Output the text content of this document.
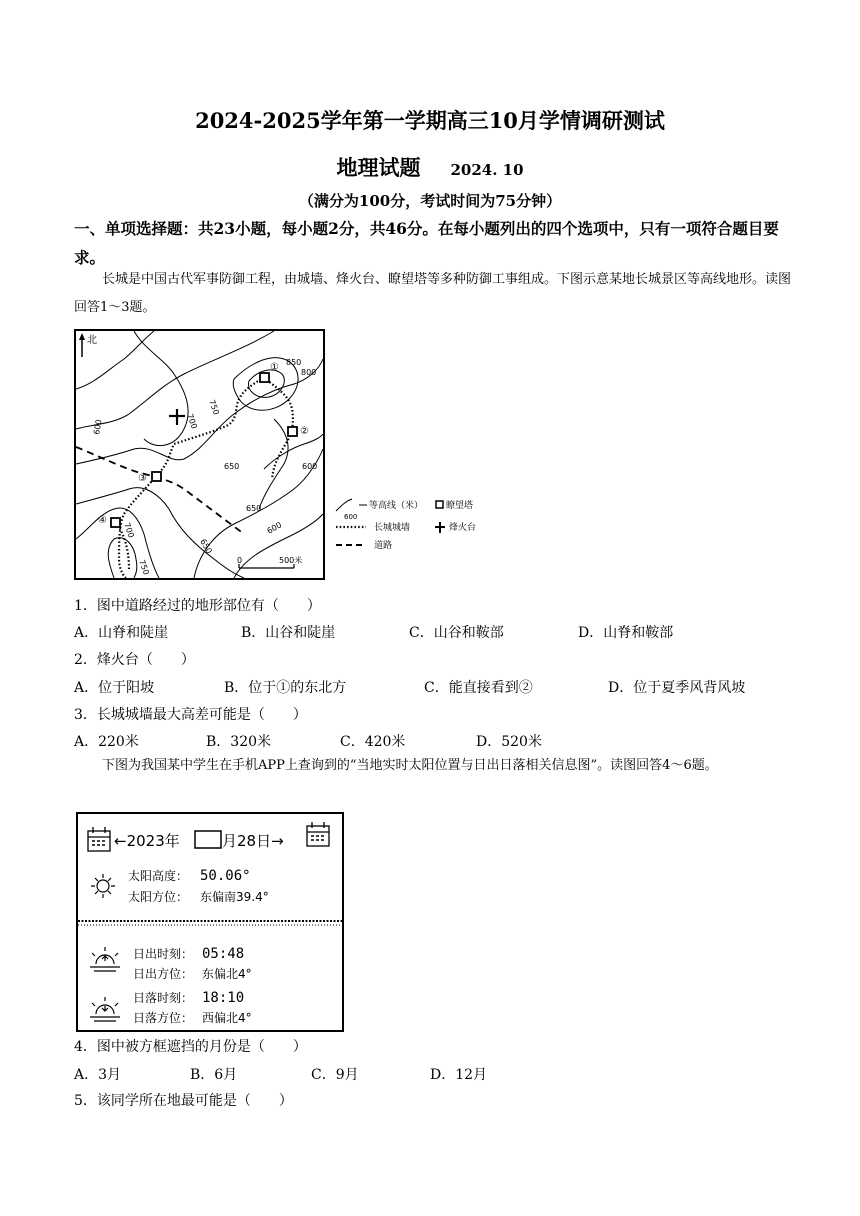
2024-2025学年第一学期高三10月学情调研测试
地理试题 2024. 10
（满分为100分，考试时间为75分钟）
一、单项选择题：共23小题，每小题2分，共46分。在每小题列出的四个选项中，只有一项符合题目要求。
长城是中国古代军事防御工程，由城墙、烽火台、瞭望塔等多种防御工事组成。下图示意某地长城景区等高线地形。读图回答1～3题。
北
850
800
750
700
600
650
700
650
600
750
650	600
①
②
③
④
0	500米
600
等高线（米）	瞭望塔
长城城墙	烽火台
道路
1．图中道路经过的地形部位有（　　）
A．山脊和陡崖	B．山谷和陡崖	C．山谷和鞍部	D．山脊和鞍部
2．烽火台（　　）
A．位于阳坡	B．位于①的东北方	C．能直接看到②	D．位于夏季风背风坡
3．长城城墙最大高差可能是（　　）
A．220米	B．320米	C．420米	D．520米
下图为我国某中学生在手机APP上查询到的“当地实时太阳位置与日出日落相关信息图”。读图回答4～6题。
←2023年	月28日→
太阳高度： 50.06°
太阳方位： 东偏南39.4°
日出时刻： 05:48
日出方位： 东偏北4°
日落时刻： 18:10
日落方位： 西偏北4°
4．图中被方框遮挡的月份是（　　）
A．3月	B．6月	C．9月	D．12月
5．该同学所在地最可能是（　　）
